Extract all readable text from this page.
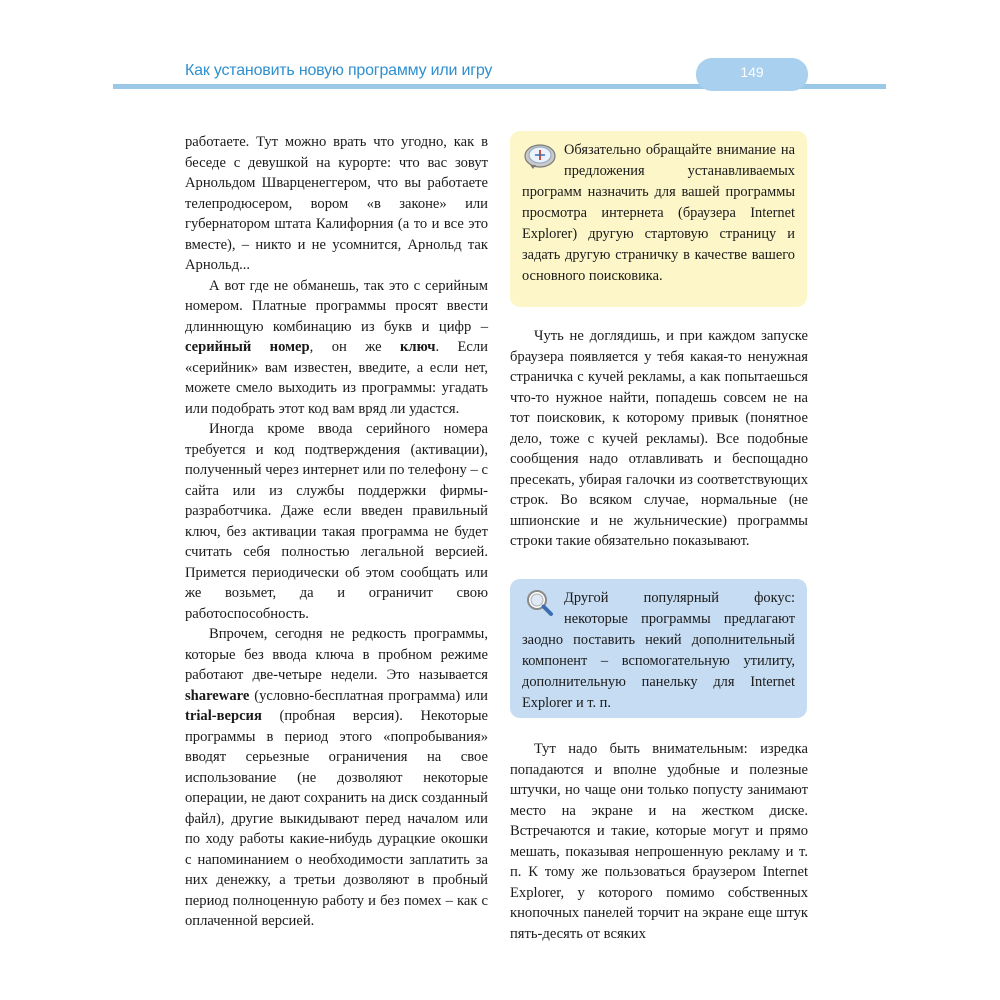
Как установить новую программу или игру	149

работаете. Тут можно врать что угодно, как в беседе с девушкой на курорте: что вас зовут Арнольдом Шварценеггером, что вы работаете телепродюсером, вором «в законе» или губернатором штата Калифорния (а то и все это вместе), – никто и не усомнится, Арнольд так Арнольд...

А вот где не обманешь, так это с серийным номером. Платные программы просят ввести длиннющую комбинацию из букв и цифр – серийный номер, он же ключ. Если «серийник» вам известен, введите, а если нет, можете смело выходить из программы: угадать или подобрать этот код вам вряд ли удастся.

Иногда кроме ввода серийного номера требуется и код подтверждения (активации), полученный через интернет или по телефону – с сайта или из службы поддержки фирмы-разработчика. Даже если введен правильный ключ, без активации такая программа не будет считать себя полностью легальной версией. Примется периодически об этом сообщать или же возьмет, да и ограничит свою работоспособность.

Впрочем, сегодня не редкость программы, которые без ввода ключа в пробном режиме работают две-четыре недели. Это называется shareware (условно-бесплатная программа) или trial-версия (пробная версия). Некоторые программы в период этого «попробывания» вводят серьезные ограничения на свое использование (не дозволяют некоторые операции, не дают сохранить на диск созданный файл), другие выкидывают перед началом или по ходу работы какие-нибудь дурацкие окошки с напоминанием о необходимости заплатить за них денежку, а третьи дозволяют в пробный период полноценную работу и без помех – как с оплаченной версией.

Обязательно обращайте внимание на предложения устанавливаемых программ назначить для вашей программы просмотра интернета (браузера Internet Explorer) другую стартовую страницу и задать другую страничку в качестве вашего основного поисковика.

Чуть не доглядишь, и при каждом запуске браузера появляется у тебя какая-то ненужная страничка с кучей рекламы, а как попытаешься что-то нужное найти, попадешь совсем не на тот поисковик, к которому привык (понятное дело, тоже с кучей рекламы). Все подобные сообщения надо отлавливать и беспощадно пресекать, убирая галочки из соответствующих строк. Во всяком случае, нормальные (не шпионские и не жульнические) программы строки такие обязательно показывают.

Другой популярный фокус: некоторые программы предлагают заодно поставить некий дополнительный компонент – вспомогательную утилиту, дополнительную панельку для Internet Explorer и т. п.

Тут надо быть внимательным: изредка попадаются и вполне удобные и полезные штучки, но чаще они только попусту занимают место на экране и на жестком диске. Встречаются и такие, которые могут и прямо мешать, показывая непрошенную рекламу и т. п. К тому же пользоваться браузером Internet Explorer, у которого помимо собственных кнопочных панелей торчит на экране еще штук пять-десять от всяких
